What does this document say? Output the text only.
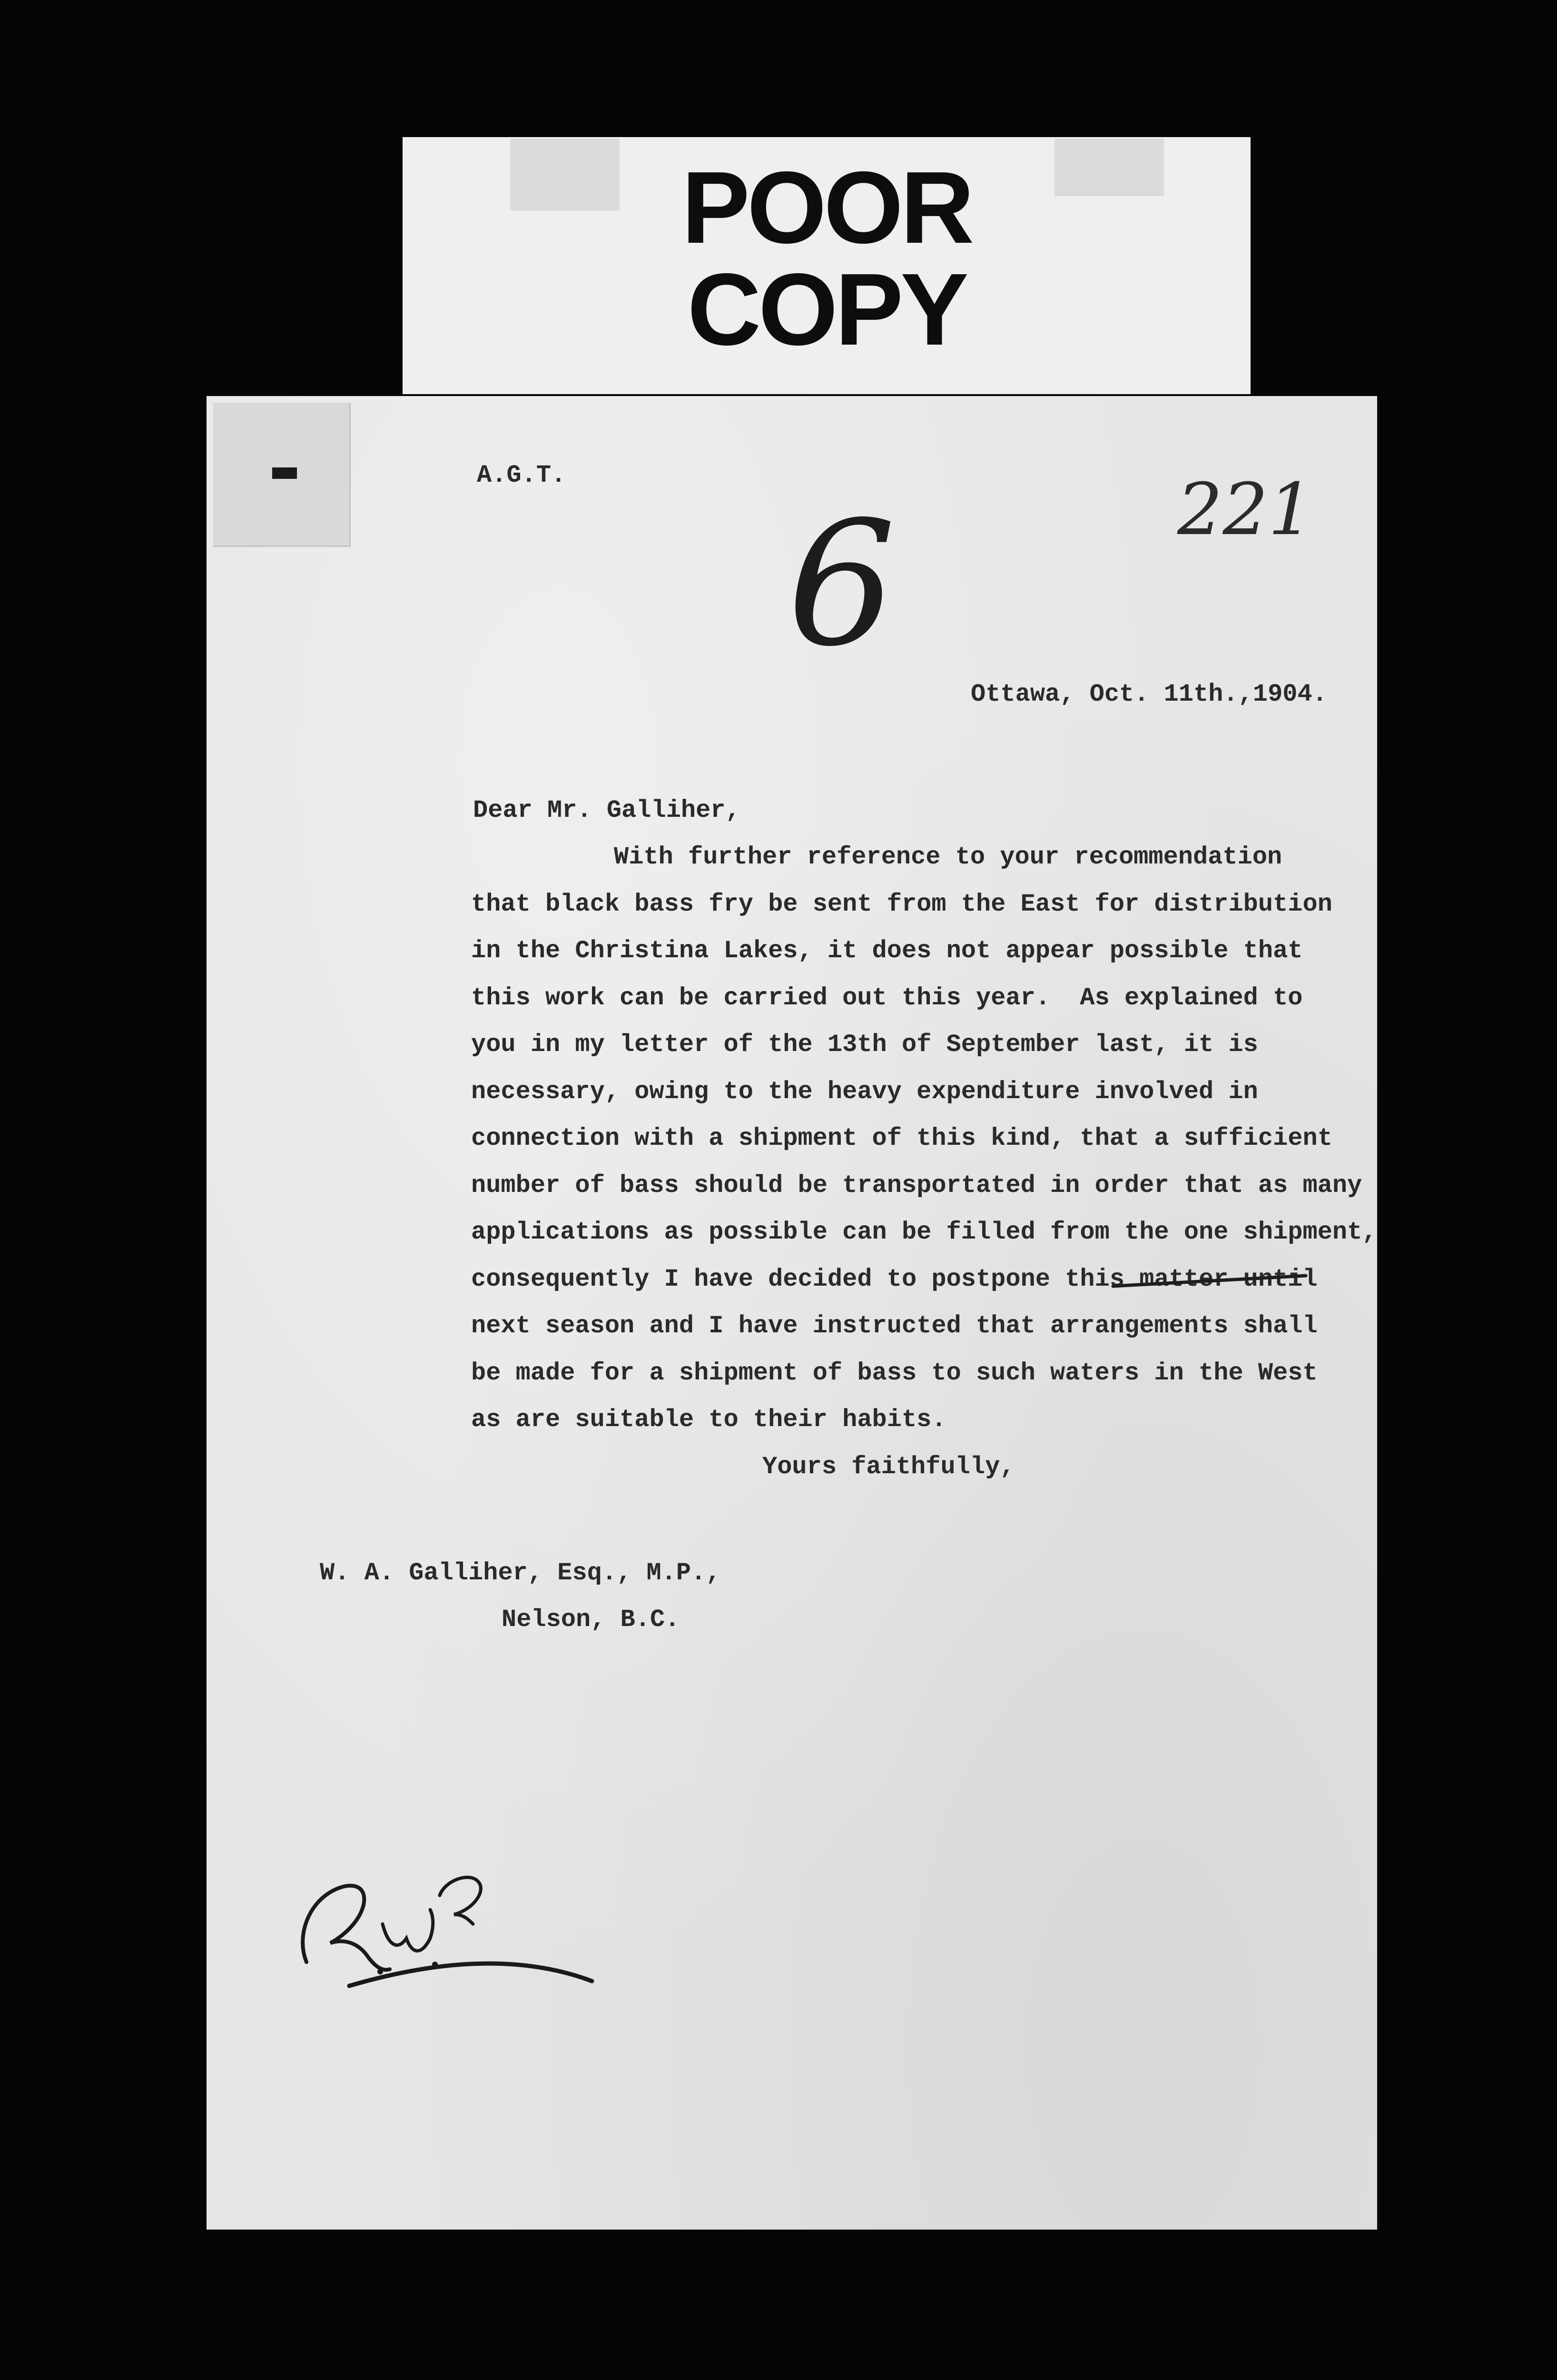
POOR
COPY
A.G.T.	221
6
Ottawa, Oct. 11th.,1904.
Dear Mr. Galliher,
With further reference to your recommendation
that black bass fry be sent from the East for distribution
in the Christina Lakes, it does not appear possible that
this work can be carried out this year.  As explained to
you in my letter of the 13th of September last, it is
necessary, owing to the heavy expenditure involved in
connection with a shipment of this kind, that a sufficient
number of bass should be transportated in order that as many
applications as possible can be filled from the one shipment,
consequently I have decided to postpone this matter until
next season and I have instructed that arrangements shall
be made for a shipment of bass to such waters in the West
as are suitable to their habits.
Yours faithfully,
W. A. Galliher, Esq., M.P.,
Nelson, B.C.
